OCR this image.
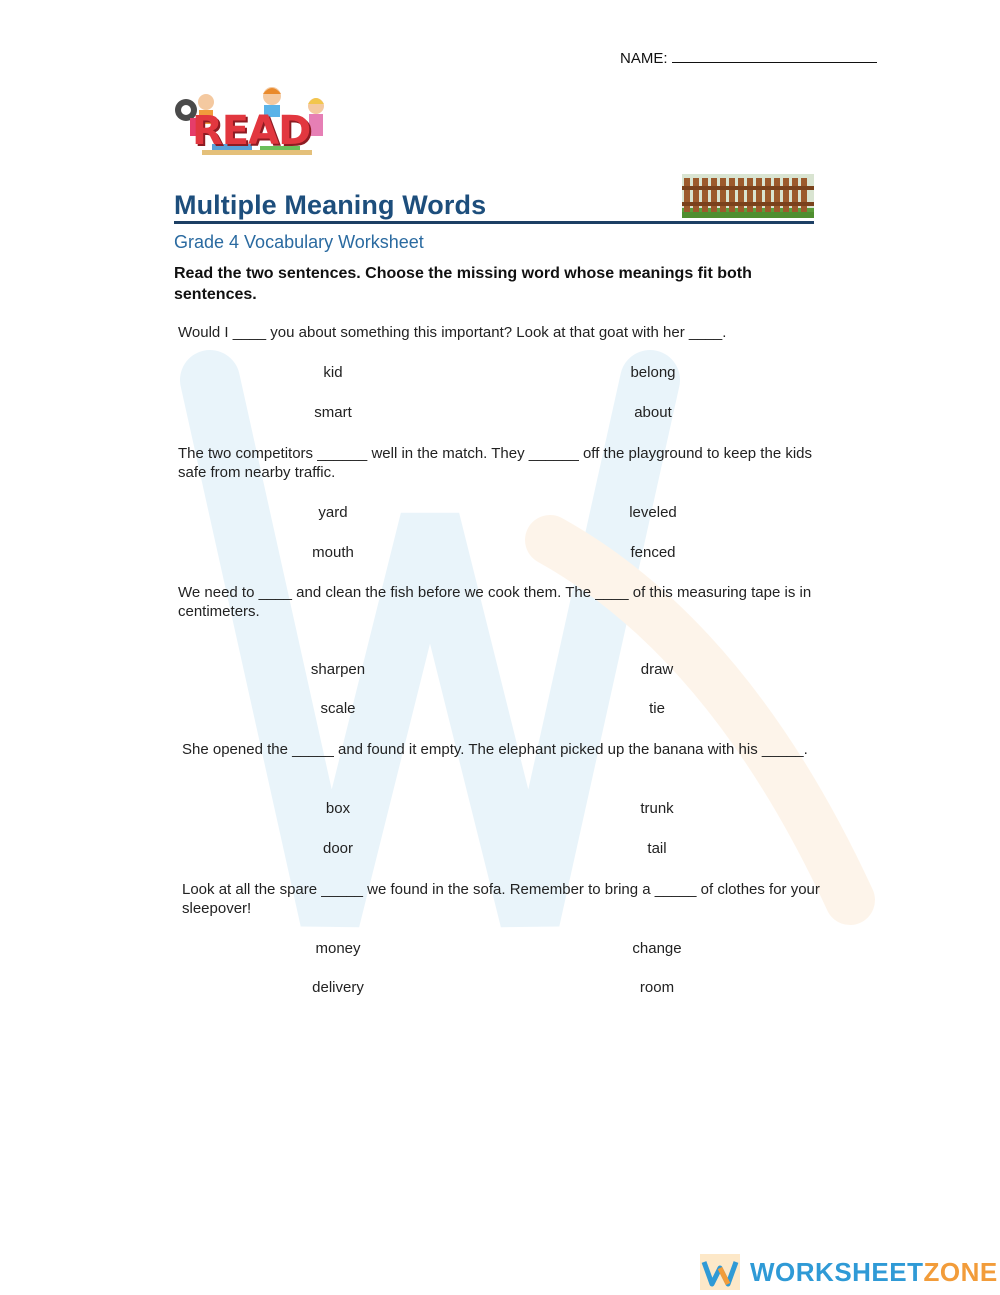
NAME:
READ
Multiple Meaning Words
Grade 4 Vocabulary Worksheet
Read the two sentences. Choose the missing word whose meanings fit both sentences.
Would I ____ you about something this important? Look at that goat with her ____.
kid	belong
smart	about
The two competitors ______ well in the match. They ______ off the playground to keep the kids safe from nearby traffic.
yard	leveled
mouth	fenced
We need to ____ and clean the fish before we cook them. The ____ of this measuring tape is in centimeters.
sharpen	draw
scale	tie
She opened the _____ and found it empty. The elephant picked up the banana with his _____.
box	trunk
door	tail
Look at all the spare _____ we found in the sofa. Remember to bring a _____ of clothes for your sleepover!
money	change
delivery	room
WORKSHEETZONE
